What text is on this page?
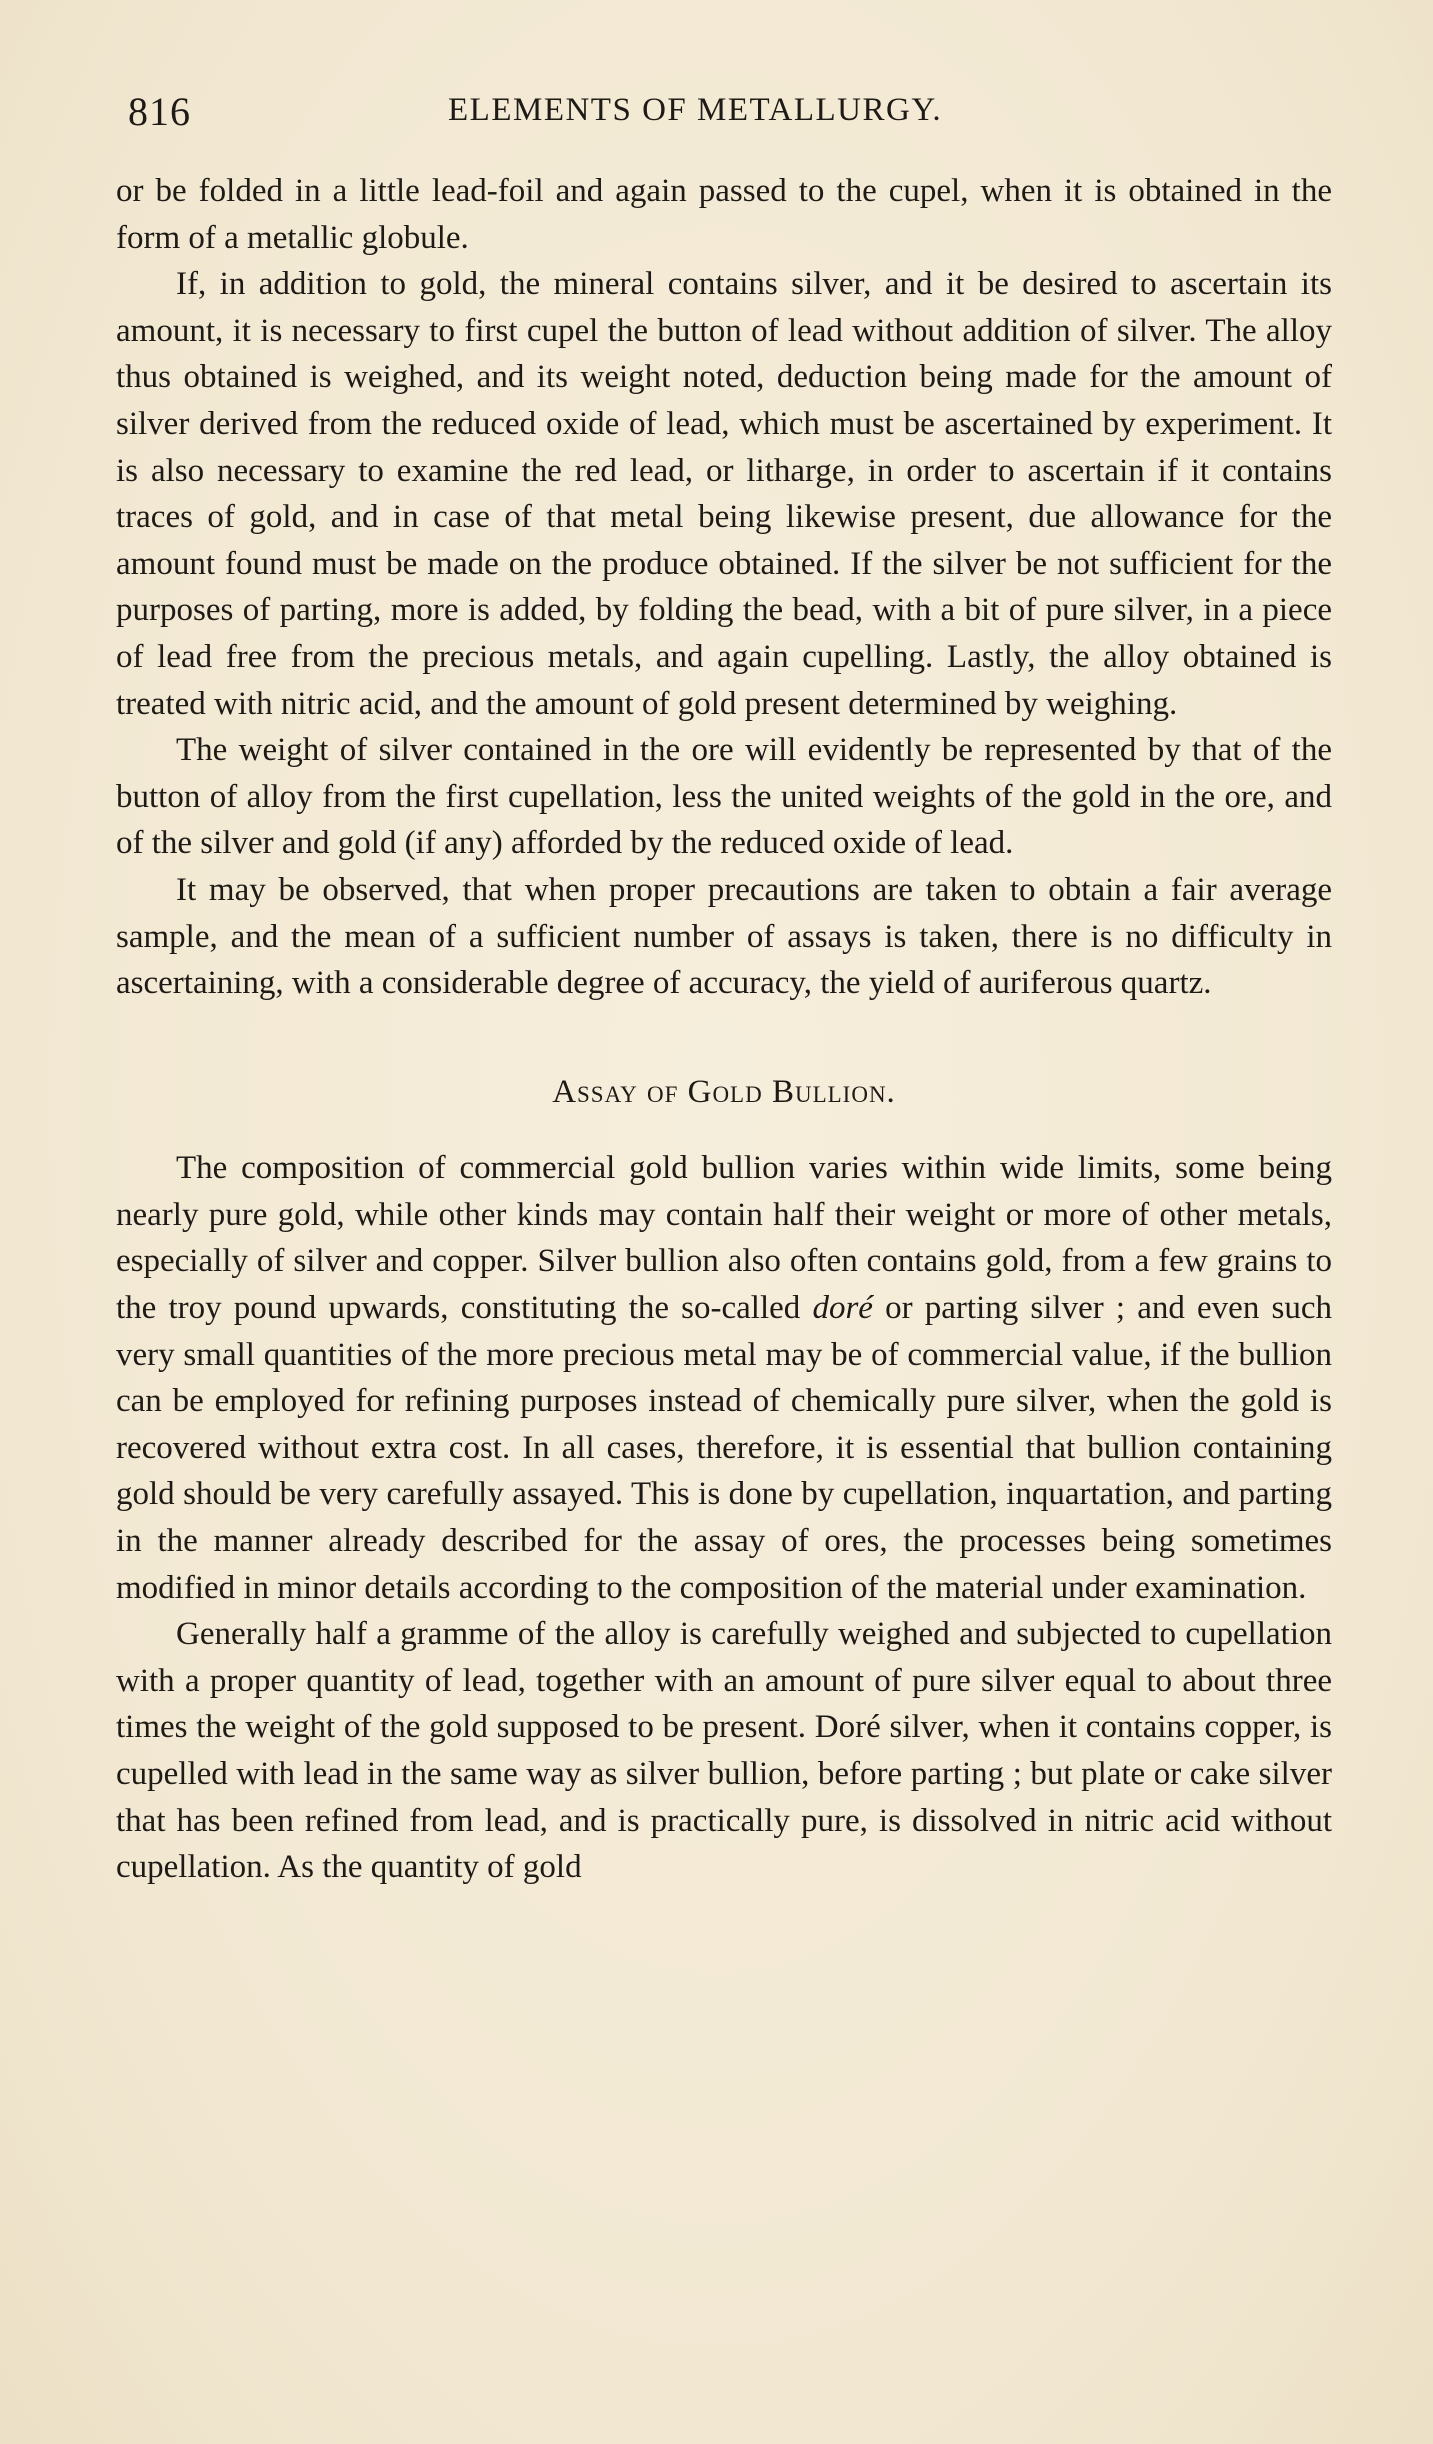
816	ELEMENTS OF METALLURGY.

or be folded in a little lead-foil and again passed to the cupel, when it is obtained in the form of a metallic globule.

If, in addition to gold, the mineral contains silver, and it be desired to ascertain its amount, it is necessary to first cupel the button of lead without addition of silver. The alloy thus obtained is weighed, and its weight noted, deduction being made for the amount of silver derived from the reduced oxide of lead, which must be ascertained by experiment. It is also necessary to examine the red lead, or litharge, in order to ascertain if it contains traces of gold, and in case of that metal being likewise present, due allowance for the amount found must be made on the produce obtained. If the silver be not sufficient for the purposes of parting, more is added, by folding the bead, with a bit of pure silver, in a piece of lead free from the precious metals, and again cupelling. Lastly, the alloy obtained is treated with nitric acid, and the amount of gold present determined by weighing.

The weight of silver contained in the ore will evidently be represented by that of the button of alloy from the first cupellation, less the united weights of the gold in the ore, and of the silver and gold (if any) afforded by the reduced oxide of lead.

It may be observed, that when proper precautions are taken to obtain a fair average sample, and the mean of a sufficient number of assays is taken, there is no difficulty in ascertaining, with a considerable degree of accuracy, the yield of auriferous quartz.

Assay of Gold Bullion.

The composition of commercial gold bullion varies within wide limits, some being nearly pure gold, while other kinds may contain half their weight or more of other metals, especially of silver and copper. Silver bullion also often contains gold, from a few grains to the troy pound upwards, constituting the so-called doré or parting silver ; and even such very small quantities of the more precious metal may be of commercial value, if the bullion can be employed for refining purposes instead of chemically pure silver, when the gold is recovered without extra cost. In all cases, therefore, it is essential that bullion containing gold should be very carefully assayed. This is done by cupellation, inquartation, and parting in the manner already described for the assay of ores, the processes being sometimes modified in minor details according to the composition of the material under examination.

Generally half a gramme of the alloy is carefully weighed and subjected to cupellation with a proper quantity of lead, together with an amount of pure silver equal to about three times the weight of the gold supposed to be present. Doré silver, when it contains copper, is cupelled with lead in the same way as silver bullion, before parting ; but plate or cake silver that has been refined from lead, and is practically pure, is dissolved in nitric acid without cupellation. As the quantity of gold
